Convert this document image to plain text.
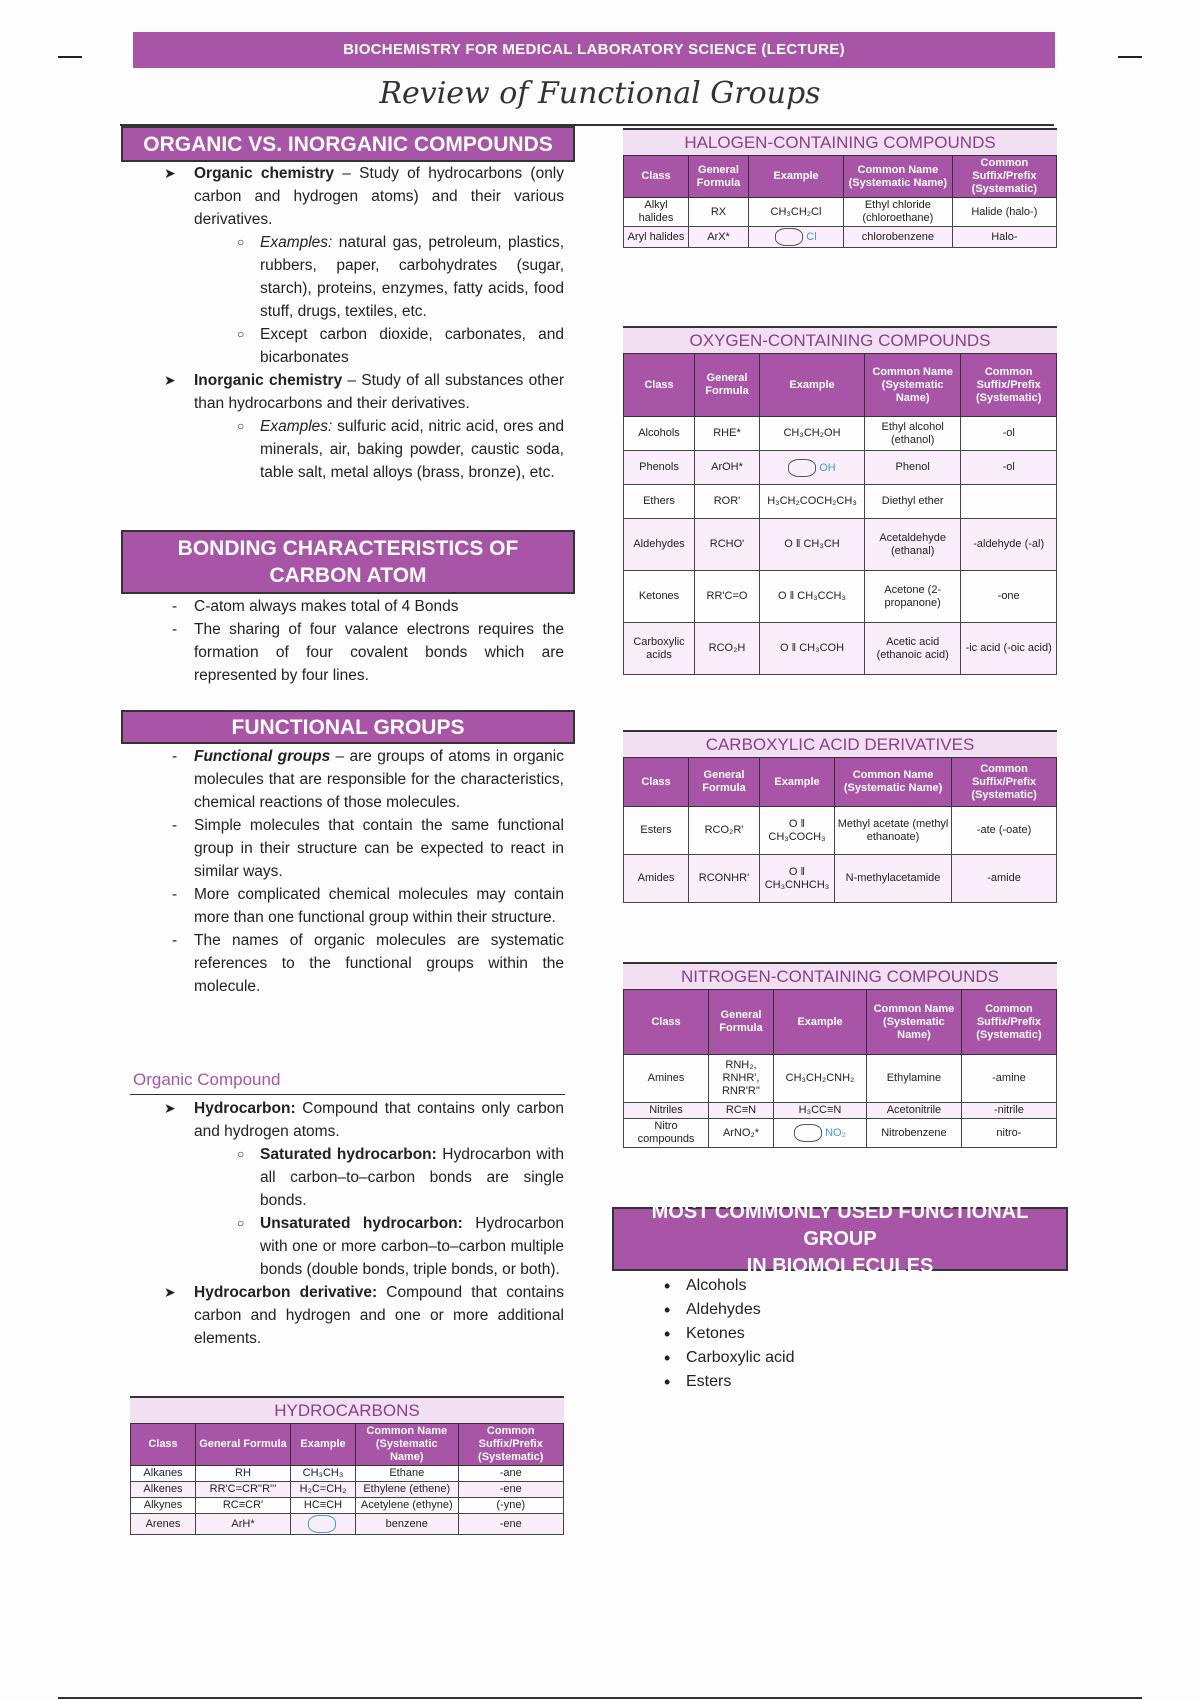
BIOCHEMISTRY FOR MEDICAL LABORATORY SCIENCE (LECTURE)
Review of Functional Groups
ORGANIC VS. INORGANIC COMPOUNDS
➤ Organic chemistry – Study of hydrocarbons (only carbon and hydrogen atoms) and their various derivatives.
○ Examples: natural gas, petroleum, plastics, rubbers, paper, carbohydrates (sugar, starch), proteins, enzymes, fatty acids, food stuff, drugs, textiles, etc.
○ Except carbon dioxide, carbonates, and bicarbonates
➤ Inorganic chemistry – Study of all substances other than hydrocarbons and their derivatives.
○ Examples: sulfuric acid, nitric acid, ores and minerals, air, baking powder, caustic soda, table salt, metal alloys (brass, bronze), etc.
BONDING CHARACTERISTICS OF
CARBON ATOM
- C-atom always makes total of 4 Bonds
- The sharing of four valance electrons requires the formation of four covalent bonds which are represented by four lines.
FUNCTIONAL GROUPS
- Functional groups – are groups of atoms in organic molecules that are responsible for the characteristics, chemical reactions of those molecules.
- Simple molecules that contain the same functional group in their structure can be expected to react in similar ways.
- More complicated chemical molecules may contain more than one functional group within their structure.
- The names of organic molecules are systematic references to the functional groups within the molecule.
Organic Compound
➤ Hydrocarbon: Compound that contains only carbon and hydrogen atoms.
○ Saturated hydrocarbon: Hydrocarbon with all carbon–to–carbon bonds are single bonds.
○ Unsaturated hydrocarbon: Hydrocarbon with one or more carbon–to–carbon multiple bonds (double bonds, triple bonds, or both).
➤ Hydrocarbon derivative: Compound that contains carbon and hydrogen and one or more additional elements.
HYDROCARBONS
Class	General Formula	Example	Common Name (Systematic Name)	Common Suffix/Prefix (Systematic)
Alkanes	RH	CH₃CH₃	Ethane	-ane
Alkenes	RR'C=CR''R'''	H₂C=CH₂	Ethylene (ethene)	-ene
Alkynes	RC≡CR'	HC≡CH	Acetylene (ethyne)	(-yne)
Arenes	ArH*		benzene	-ene
HALOGEN-CONTAINING COMPOUNDS
Class	General Formula	Example	Common Name (Systematic Name)	Common Suffix/Prefix (Systematic)
Alkyl halides	RX	CH₃CH₂Cl	Ethyl chloride (chloroethane)	Halide (halo-)
Aryl halides	ArX*	Cl	chlorobenzene	Halo-
OXYGEN-CONTAINING COMPOUNDS
Class	General Formula	Example	Common Name (Systematic Name)	Common Suffix/Prefix (Systematic)
Alcohols	RHE*	CH₃CH₂OH	Ethyl alcohol (ethanol)	-ol
Phenols	ArOH*	OH	Phenol	-ol
Ethers	ROR'	H₃CH₂COCH₂CH₃	Diethyl ether	
Aldehydes	RCHO'	O ‖ CH₃CH	Acetaldehyde (ethanal)	-aldehyde (-al)
Ketones	RR'C=O	O ‖ CH₃CCH₃	Acetone (2-propanone)	-one
Carboxylic acids	RCO₂H	O ‖ CH₃COH	Acetic acid (ethanoic acid)	-ic acid (-oic acid)
CARBOXYLIC ACID DERIVATIVES
Class	General Formula	Example	Common Name (Systematic Name)	Common Suffix/Prefix (Systematic)
Esters	RCO₂R'	O ‖ CH₃COCH₃	Methyl acetate (methyl ethanoate)	-ate (-oate)
Amides	RCONHR'	O ‖ CH₃CNHCH₃	N-methylacetamide	-amide
NITROGEN-CONTAINING COMPOUNDS
Class	General Formula	Example	Common Name (Systematic Name)	Common Suffix/Prefix (Systematic)
Amines	RNH₂, RNHR', RNR'R''	CH₃CH₂CNH₂	Ethylamine	-amine
Nitriles	RC≡N	H₃CC≡N	Acetonitrile	-nitrile
Nitro compounds	ArNO₂*	NO₂	Nitrobenzene	nitro-
MOST COMMONLY USED FUNCTIONAL GROUP
IN BIOMOLECULES
• Alcohols
• Aldehydes
• Ketones
• Carboxylic acid
• Esters
